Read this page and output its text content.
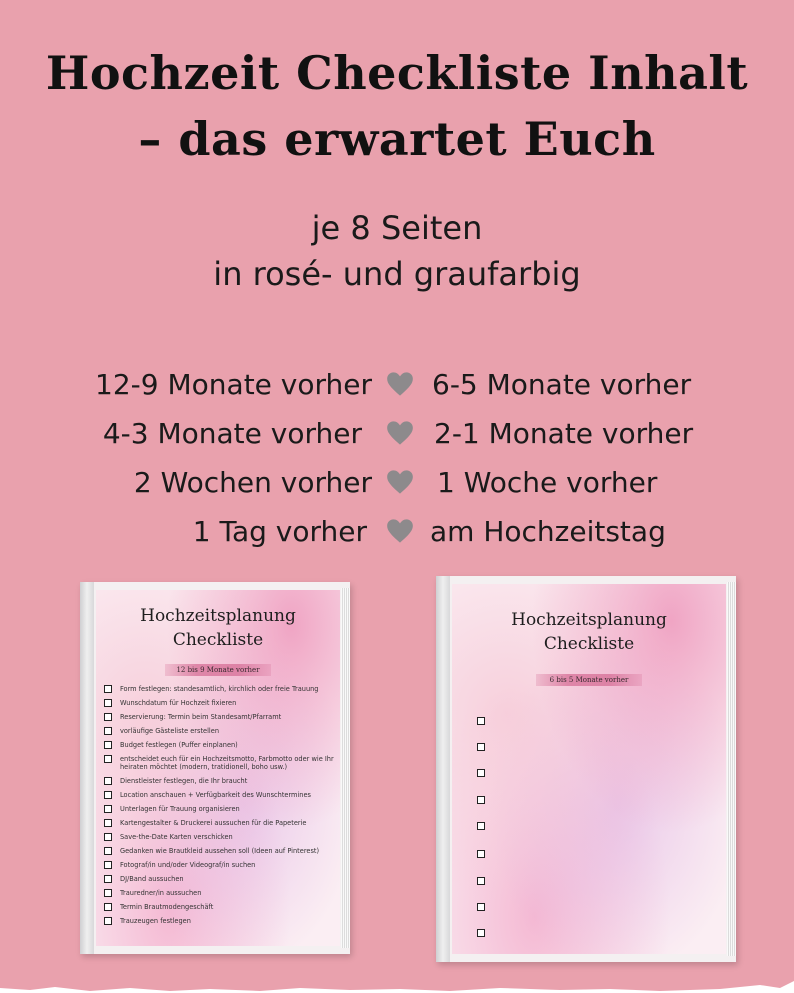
Hochzeit Checkliste Inhalt
– das erwartet Euch
je 8 Seiten
in rosé- und graufarbig
12-9 Monate vorher 6-5 Monate vorher
4-3 Monate vorher	2-1 Monate vorher
2 Wochen vorher 1 Woche vorher
1 Tag vorher am Hochzeitstag
Hochzeitsplanung
Checkliste
12 bis 9 Monate vorher
Form festlegen: standesamtlich, kirchlich oder freie Trauung
Wunschdatum für Hochzeit fixieren
Reservierung: Termin beim Standesamt/Pfarramt
vorläufige Gästeliste erstellen
Budget festlegen (Puffer einplanen)
entscheidet euch für ein Hochzeitsmotto, Farbmotto oder wie Ihr heiraten möchtet (modern, tratidionell, boho usw.)
Dienstleister festlegen, die Ihr braucht
Location anschauen + Verfügbarkeit des Wunschtermines
Unterlagen für Trauung organisieren
Kartengestalter & Druckerei aussuchen für die Papeterie
Save-the-Date Karten verschicken
Gedanken wie Brautkleid aussehen soll (Ideen auf Pinterest)
Fotograf/in und/oder Videograf/in suchen
DJ/Band aussuchen
Trauredner/in aussuchen
Termin Brautmodengeschäft
Trauzeugen festlegen
Hochzeitsplanung
Checkliste
6 bis 5 Monate vorher
